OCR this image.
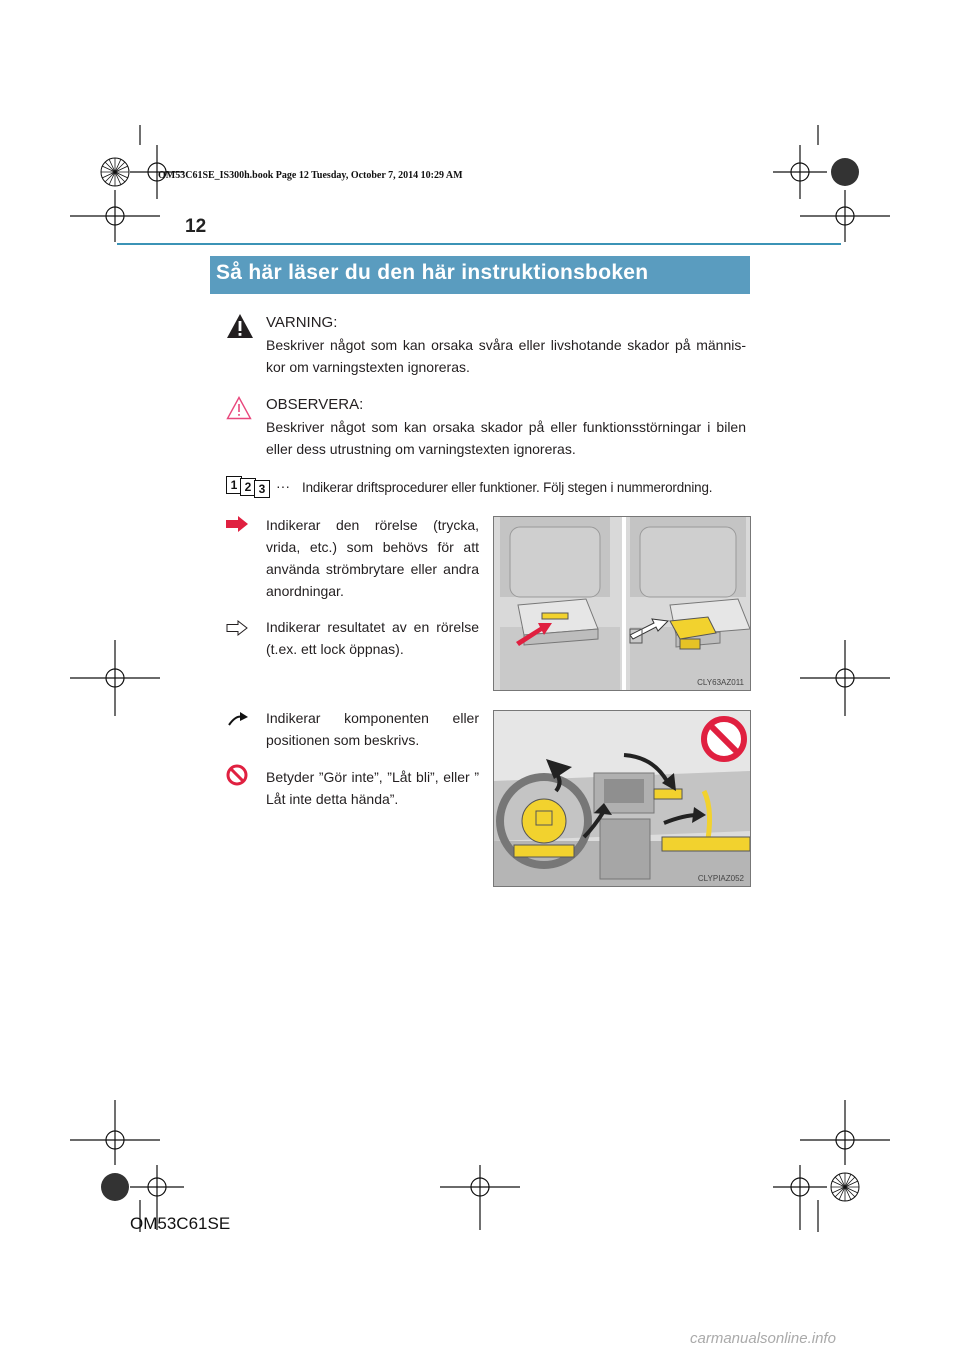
OM53C61SE_IS300h.book Page 12 Tuesday, October 7, 2014 10:29 AM
12
Så här läser du den här instruktionsboken
VARNING:
Beskriver något som kan orsaka svåra eller livshotande skador på männis- kor om varningstexten ignoreras.
OBSERVERA:
Beskriver något som kan orsaka skador på eller funktionsstörningar i bilen eller dess utrustning om varningstexten ignoreras.
1 2 3 ··· Indikerar driftsprocedurer eller funktioner. Följ stegen i nummerordning.
Indikerar den rörelse (trycka, vrida, etc.) som behövs för att använda strömbrytare eller andra anordningar.
Indikerar resultatet av en rörelse (t.ex. ett lock öppnas).
CLY63AZ011
Indikerar komponenten eller positionen som beskrivs.
Betyder ”Gör inte”, ”Låt bli”, eller ” Låt inte detta hända”.
CLYPIAZ052
OM53C61SE
carmanualsonline.info
